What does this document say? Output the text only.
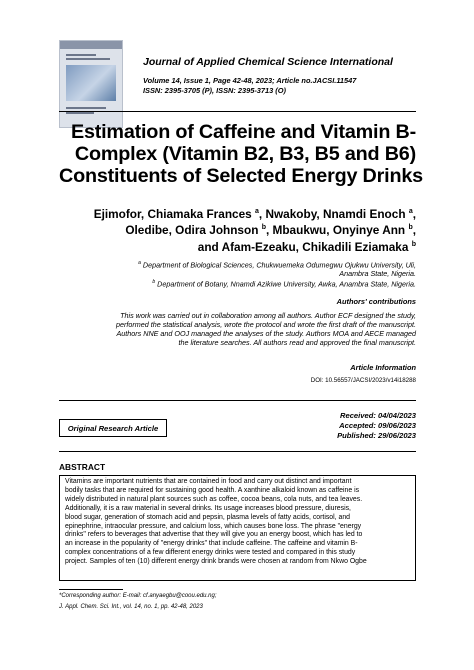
Journal of Applied Chemical Science International
Volume 14, Issue 1, Page 42-48, 2023; Article no.JACSI.11547
ISSN: 2395-3705 (P), ISSN: 2395-3713 (O)
Estimation of Caffeine and Vitamin B-
Complex (Vitamin B2, B3, B5 and B6)
Constituents of Selected Energy Drinks
Ejimofor, Chiamaka Frances $^a$, Nwakoby, Nnamdi Enoch $^a$,
Oledibe, Odira Johnson $^b$, Mbaukwu, Onyinye Ann $^b$,
and Afam-Ezeaku, Chikadili Eziamaka $^b$
$^a$ Department of Biological Sciences, Chukwuemeka Odumegwu Ojukwu University, Uli,
Anambra State, Nigeria.
$^b$ Department of Botany, Nnamdi Azikiwe University, Awka, Anambra State, Nigeria.
Authors' contributions
This work was carried out in collaboration among all authors. Author ECF designed the study,
performed the statistical analysis, wrote the protocol and wrote the first draft of the manuscript.
Authors NNE and OOJ managed the analyses of the study. Authors MOA and AECE managed
the literature searches. All authors read and approved the final manuscript.
Article Information
DOI: 10.56557/JACSI/2023/v14i18288
Original Research Article
Received: 04/04/2023
Accepted: 09/06/2023
Published: 29/06/2023
ABSTRACT
Vitamins are important nutrients that are contained in food and carry out distinct and important
bodily tasks that are required for sustaining good health. A xanthine alkaloid known as caffeine is
widely distributed in natural plant sources such as coffee, cocoa beans, cola nuts, and tea leaves.
Additionally, it is a raw material in several drinks. Its usage increases blood pressure, diuresis,
blood sugar, generation of stomach acid and pepsin, plasma levels of fatty acids, cortisol, and
epinephrine, intraocular pressure, and calcium loss, which causes bone loss. The phrase "energy
drinks" refers to beverages that advertise that they will give you an energy boost, which has led to
an increase in the popularity of "energy drinks" that include caffeine. The caffeine and vitamin B-
complex concentrations of a few different energy drinks were tested and compared in this study
project. Samples of ten (10) different energy drink brands were chosen at random from Nkwo Ogbe
*Corresponding author: E-mail: cf.anyaegbu@coou.edu.ng;
J. Appl. Chem. Sci. Int., vol. 14, no. 1, pp. 42-48, 2023
